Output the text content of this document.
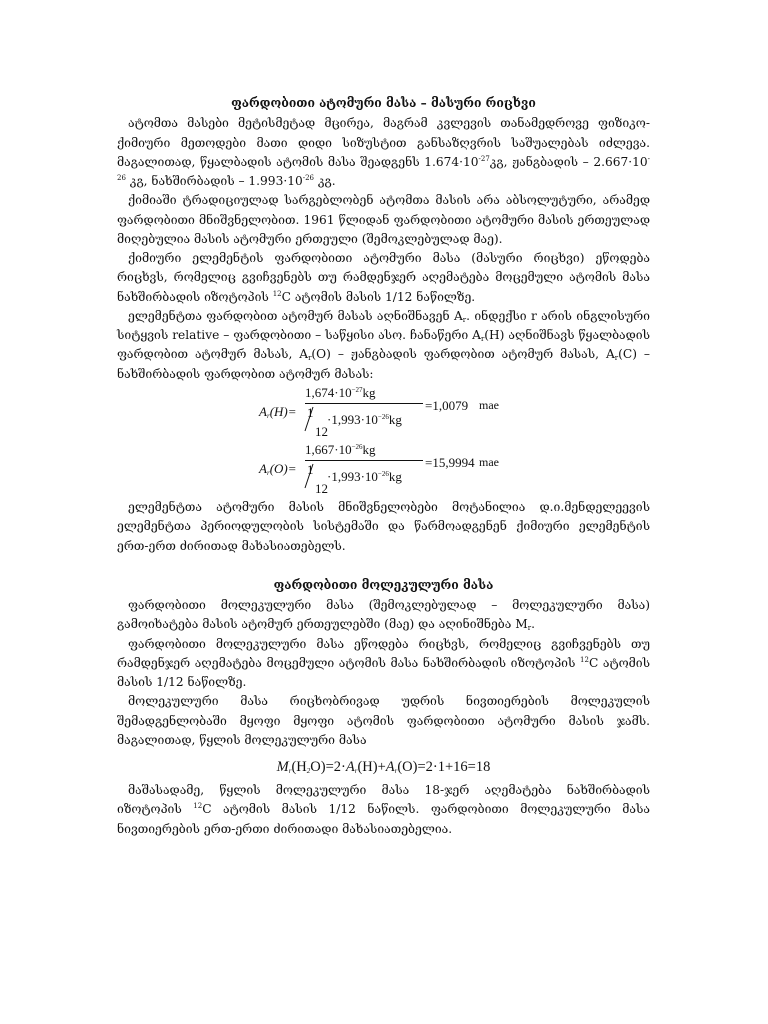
ფარდობითი ატომური მასა – მასური რიცხვი

ატომთა მასები მეტისმეტად მცირეა, მაგრამ კვლევის თანამედროვე ფიზიკო-ქიმიური მეთოდები მათი დიდი სიზუსტით განსაზღვრის საშუალებას იძლევა. მაგალითად, წყალბადის ატომის მასა შეადგენს $1.674\cdot 10^{-27}კგ$, ჟანგბადის – $2.667\cdot 10^{-26}$ კგ, ნახშირბადის – $1.993\cdot 10^{-26}$ კგ.

ქიმიაში ტრადიციულად სარგებლობენ ატომთა მასის არა აბსოლუტური, არამედ ფარდობითი მნიშვნელობით. 1961 წლიდან ფარდობითი ატომური მასის ერთეულად მიღებულია მასის ატომური ერთეული (შემოკლებულად მაე).

ქიმიური ელემენტის ფარდობითი ატომური მასა (მასური რიცხვი) ეწოდება რიცხვს, რომელიც გვიჩვენებს თუ რამდენჯერ აღემატება მოცემული ატომის მასა ნახშირბადის იზოტოპის $^{12}$C ატომის მასის 1/12 ნაწილზე.

ელემენტთა ფარდობით ატომურ მასას აღნიშნავენ $A_r$. ინდექსი r არის ინგლისური სიტყვის relative – ფარდობითი – საწყისი ასო. ჩანაწერი $A_r(H)$ აღნიშნავს წყალბადის ფარდობით ატომურ მასას, $A_r(O)$ – ჟანგბადის ფარდობით ატომურ მასას, $A_r(C)$ – ნახშირბადის ფარდობით ატომურ მასას:

$A_r(H)=$
$1,674\cdot 10^{-27}kg$
1
12
$\cdot 1,993\cdot 10^{-26}kg$
=1,0079 mae
$A_r(O)=$
$1,667\cdot 10^{-26}kg$
1
12
$\cdot 1,993\cdot 10^{-26}kg$
=15,9994 mae

ელემენტთა ატომური მასის მნიშვნელობები მოტანილია დ.ი.მენდელეევის ელემენტთა პერიოდულობის სისტემაში და წარმოადგენენ ქიმიური ელემენტის ერთ-ერთ ძირითად მახასიათებელს.

ფარდობითი მოლეკულური მასა

ფარდობითი მოლეკულური მასა (შემოკლებულად – მოლეკულური მასა) გამოიხატება მასის ატომურ ერთეულებში (მაე) და აღინიშნება $M_r$.

ფარდობითი მოლეკულური მასა ეწოდება რიცხვს, რომელიც გვიჩვენებს თუ რამდენჯერ აღემატება მოცემული ატომის მასა ნახშირბადის იზოტოპის $^{12}$C ატომის მასის 1/12 ნაწილზე.

მოლეკულური მასა რიცხობრივად უდრის ნივთიერების მოლეკულის შემადგენლობაში მყოფი მყოფი ატომის ფარდობითი ატომური მასის ჯამს. მაგალითად, წყლის მოლეკულური მასა

$M_r(H_2O)=2\cdot A_r(H)+A_r(O)=2\cdot 1+16=18$

მაშასადამე, წყლის მოლეკულური მასა 18-ჯერ აღემატება ნახშირბადის იზოტოპის $^{12}$C ატომის მასის 1/12 ნაწილს. ფარდობითი მოლეკულური მასა ნივთიერების ერთ-ერთი ძირითადი მახასიათებელია.
